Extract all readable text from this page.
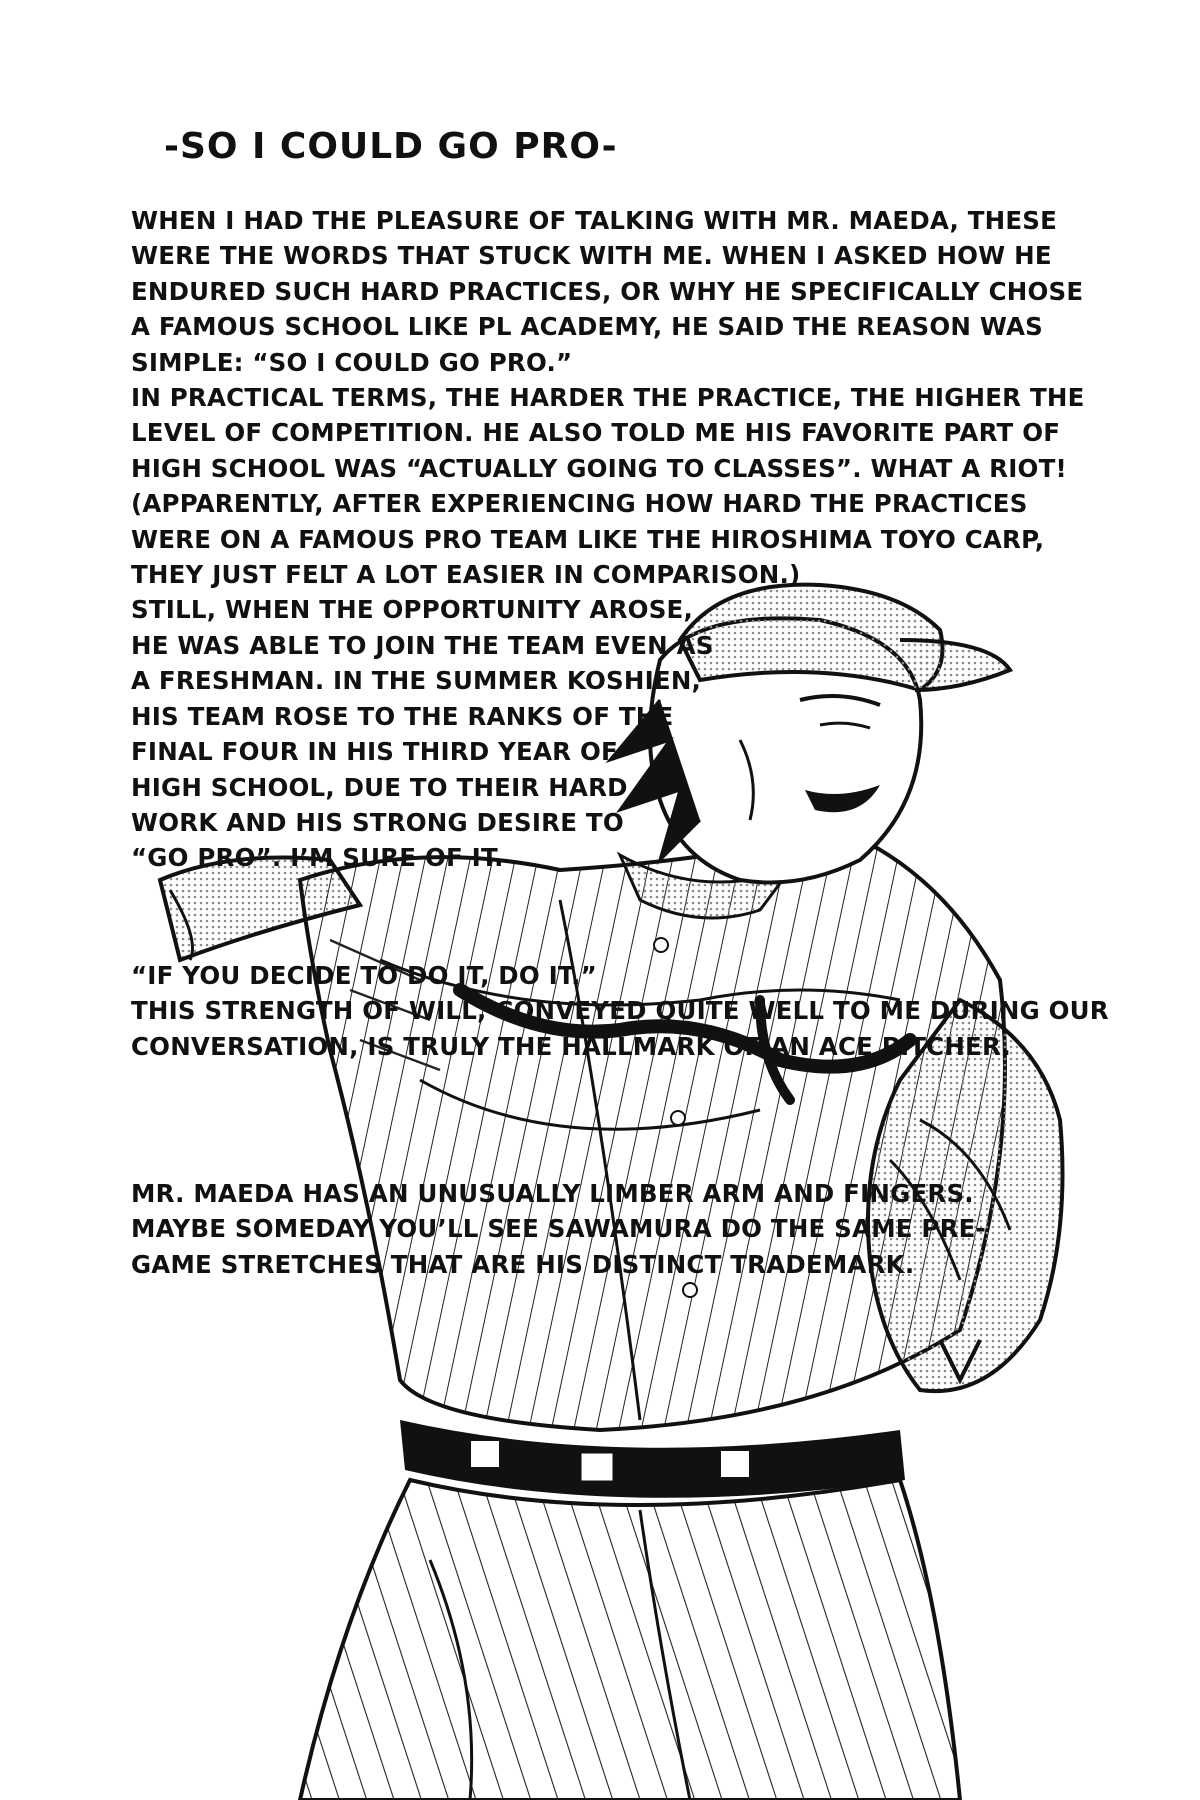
-SO I COULD GO PRO-
WHEN I HAD THE PLEASURE OF TALKING WITH MR. MAEDA, THESE
WERE THE WORDS THAT STUCK WITH ME. WHEN I ASKED HOW HE
ENDURED SUCH HARD PRACTICES, OR WHY HE SPECIFICALLY CHOSE
A FAMOUS SCHOOL LIKE PL ACADEMY, HE SAID THE REASON WAS
SIMPLE: “SO I COULD GO PRO.”
IN PRACTICAL TERMS, THE HARDER THE PRACTICE, THE HIGHER THE
LEVEL OF COMPETITION. HE ALSO TOLD ME HIS FAVORITE PART OF
HIGH SCHOOL WAS “ACTUALLY GOING TO CLASSES”. WHAT A RIOT!
(APPARENTLY, AFTER EXPERIENCING HOW HARD THE PRACTICES
WERE ON A FAMOUS PRO TEAM LIKE THE HIROSHIMA TOYO CARP,
THEY JUST FELT A LOT EASIER IN COMPARISON.)
STILL, WHEN THE OPPORTUNITY AROSE,
HE WAS ABLE TO JOIN THE TEAM EVEN AS
A FRESHMAN. IN THE SUMMER KOSHIEN,
HIS TEAM ROSE TO THE RANKS OF THE
FINAL FOUR IN HIS THIRD YEAR OF
HIGH SCHOOL, DUE TO THEIR HARD
WORK AND HIS STRONG DESIRE TO
“GO PRO”. I’M SURE OF IT.
“IF YOU DECIDE TO DO IT, DO IT.”
THIS STRENGTH OF WILL, CONVEYED QUITE WELL TO ME DURING OUR
CONVERSATION, IS TRULY THE HALLMARK OF AN ACE PITCHER.
MR. MAEDA HAS AN UNUSUALLY LIMBER ARM AND FINGERS.
MAYBE SOMEDAY YOU’LL SEE SAWAMURA DO THE SAME PRE-
GAME STRETCHES THAT ARE HIS DISTINCT TRADEMARK.
